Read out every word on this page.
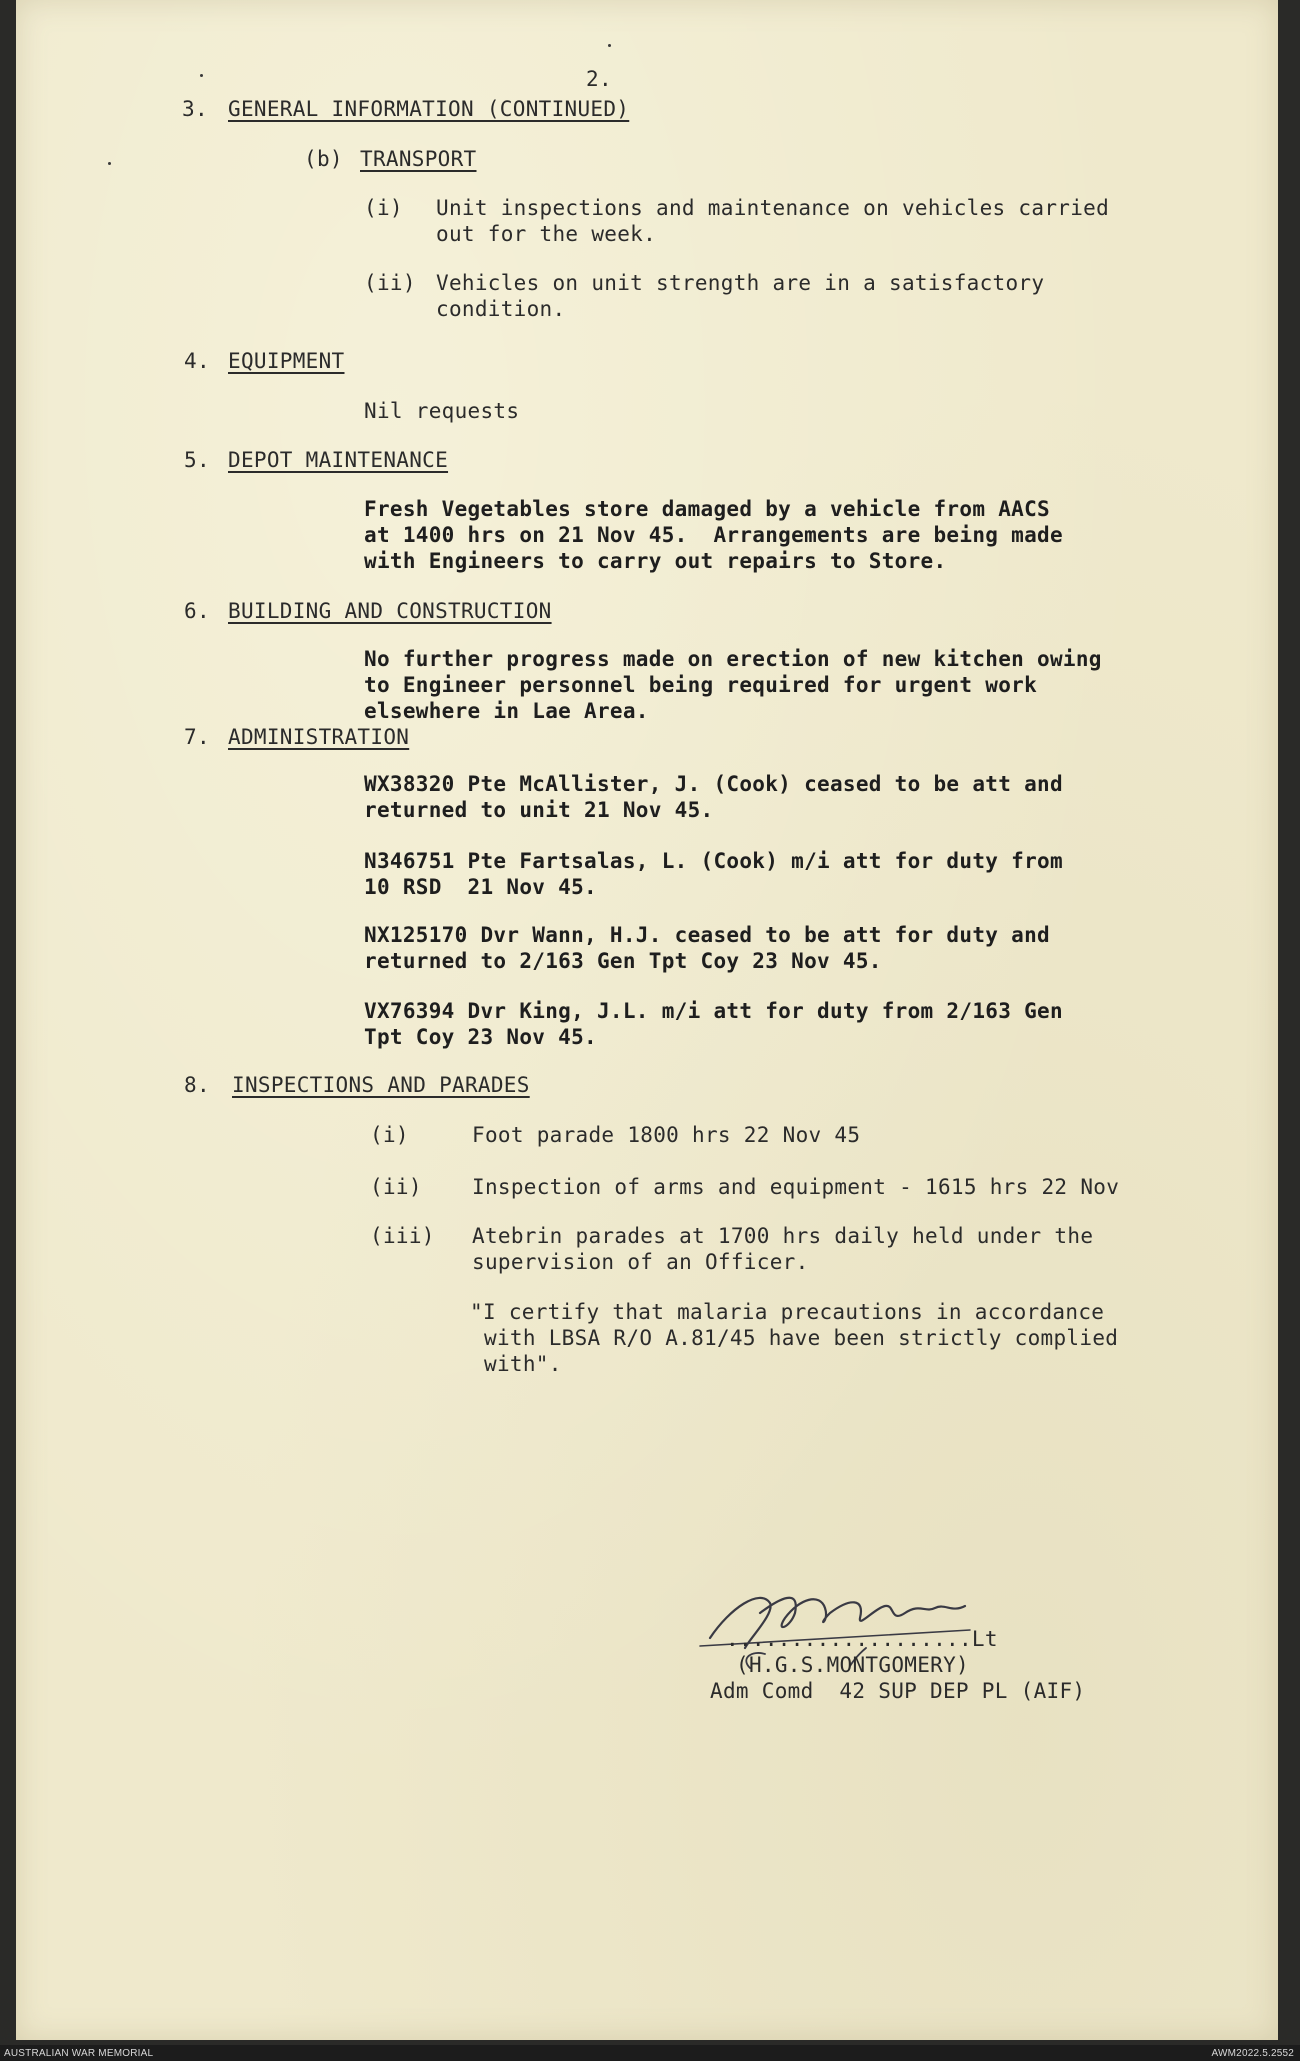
2.
3. GENERAL INFORMATION (CONTINUED)
(b) TRANSPORT
(i) Unit inspections and maintenance on vehicles carried
out for the week.
(ii) Vehicles on unit strength are in a satisfactory
condition.
4. EQUIPMENT
Nil requests
5. DEPOT MAINTENANCE
Fresh Vegetables store damaged by a vehicle from AACS
at 1400 hrs on 21 Nov 45.  Arrangements are being made
with Engineers to carry out repairs to Store.
6. BUILDING AND CONSTRUCTION
No further progress made on erection of new kitchen owing
to Engineer personnel being required for urgent work
elsewhere in Lae Area.
7. ADMINISTRATION
WX38320 Pte McAllister, J. (Cook) ceased to be att and
returned to unit 21 Nov 45.
N346751 Pte Fartsalas, L. (Cook) m/i att for duty from
10 RSD  21 Nov 45.
NX125170 Dvr Wann, H.J. ceased to be att for duty and
returned to 2/163 Gen Tpt Coy 23 Nov 45.
VX76394 Dvr King, J.L. m/i att for duty from 2/163 Gen
Tpt Coy 23 Nov 45.
8. INSPECTIONS AND PARADES
(i)	Foot parade 1800 hrs 22 Nov 45
(ii) Inspection of arms and equipment - 1615 hrs 22 Nov
(iii) Atebrin parades at 1700 hrs daily held under the
supervision of an Officer.
"I certify that malaria precautions in accordance
with LBSA R/O A.81/45 have been strictly complied
with".
...................Lt
(H.G.S.MONTGOMERY)
Adm Comd  42 SUP DEP PL (AIF)
AUSTRALIAN WAR MEMORIAL	AWM2022.5.2552
